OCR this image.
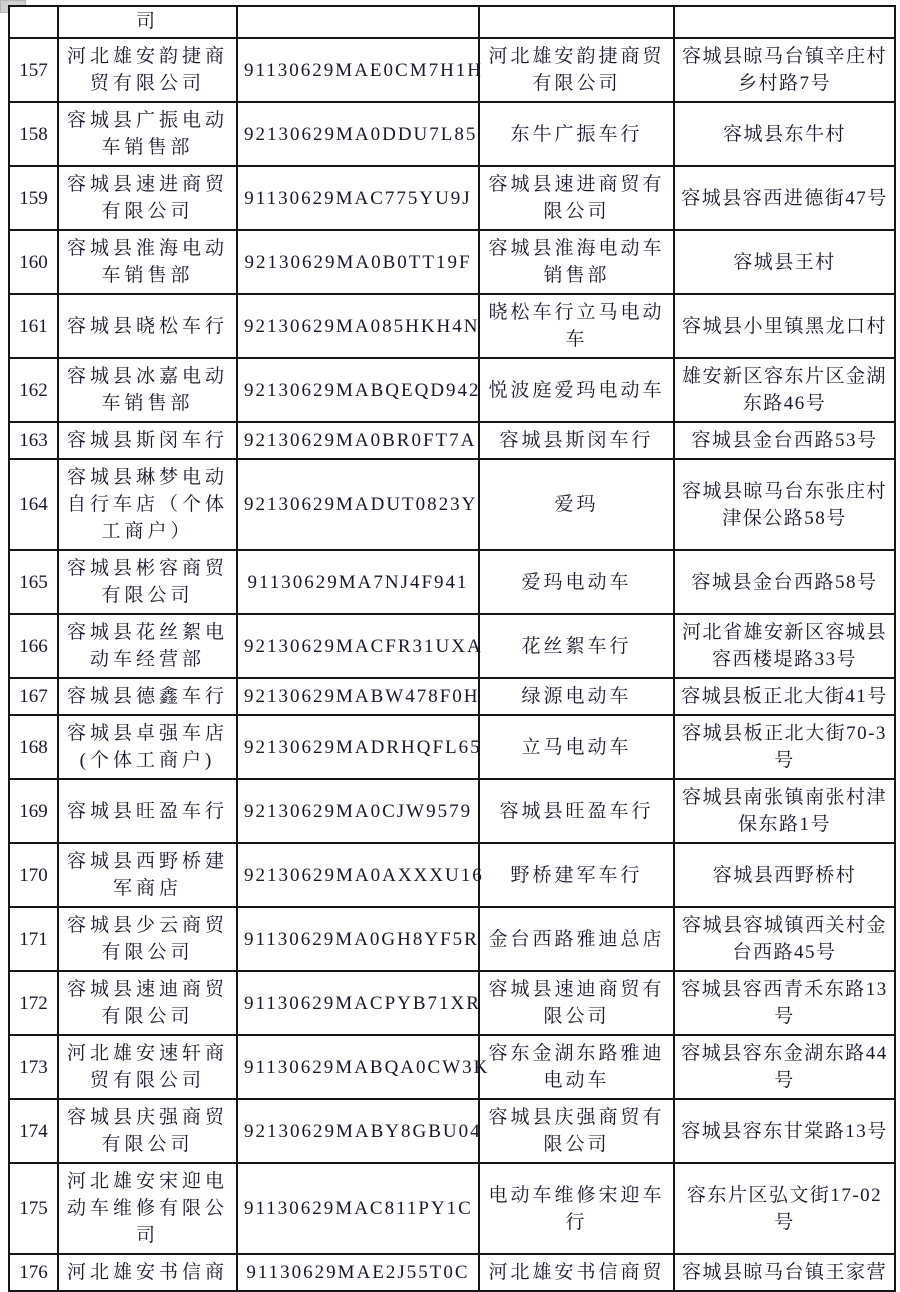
	司			
157	河北雄安韵捷商贸有限公司	91130629MAE0CM7H1H	河北雄安韵捷商贸有限公司	容城县晾马台镇辛庄村乡村路7号
158	容城县广振电动车销售部	92130629MA0DDU7L85	东牛广振车行	容城县东牛村
159	容城县速进商贸有限公司	91130629MAC775YU9J	容城县速进商贸有限公司	容城县容西进德街47号
160	容城县淮海电动车销售部	92130629MA0B0TT19F	容城县淮海电动车销售部	容城县王村
161	容城县晓松车行	92130629MA085HKH4N	晓松车行立马电动车	容城县小里镇黑龙口村
162	容城县冰嘉电动车销售部	92130629MABQEQD942	悦波庭爱玛电动车	雄安新区容东片区金湖东路46号
163	容城县斯闵车行	92130629MA0BR0FT7A	容城县斯闵车行	容城县金台西路53号
164	容城县琳梦电动自行车店（个体工商户）	92130629MADUT0823Y	爱玛	容城县晾马台东张庄村津保公路58号
165	容城县彬容商贸有限公司	91130629MA7NJ4F941	爱玛电动车	容城县金台西路58号
166	容城县花丝絮电动车经营部	92130629MACFR31UXA	花丝絮车行	河北省雄安新区容城县容西楼堤路33号
167	容城县德鑫车行	92130629MABW478F0H	绿源电动车	容城县板正北大街41号
168	容城县卓强车店(个体工商户)	92130629MADRHQFL65	立马电动车	容城县板正北大街70-3号
169	容城县旺盈车行	92130629MA0CJW9579	容城县旺盈车行	容城县南张镇南张村津保东路1号
170	容城县西野桥建军商店	92130629MA0AXXXU16	野桥建军车行	容城县西野桥村
171	容城县少云商贸有限公司	91130629MA0GH8YF5R	金台西路雅迪总店	容城县容城镇西关村金台西路45号
172	容城县速迪商贸有限公司	91130629MACPYB71XR	容城县速迪商贸有限公司	容城县容西青禾东路13号
173	河北雄安速轩商贸有限公司	91130629MABQA0CW3K	容东金湖东路雅迪电动车	容城县容东金湖东路44号
174	容城县庆强商贸有限公司	92130629MABY8GBU04	容城县庆强商贸有限公司	容城县容东甘棠路13号
175	河北雄安宋迎电动车维修有限公司	91130629MAC811PY1C	电动车维修宋迎车行	容东片区弘文街17-02号
176	河北雄安书信商	91130629MAE2J55T0C	河北雄安书信商贸	容城县晾马台镇王家营
